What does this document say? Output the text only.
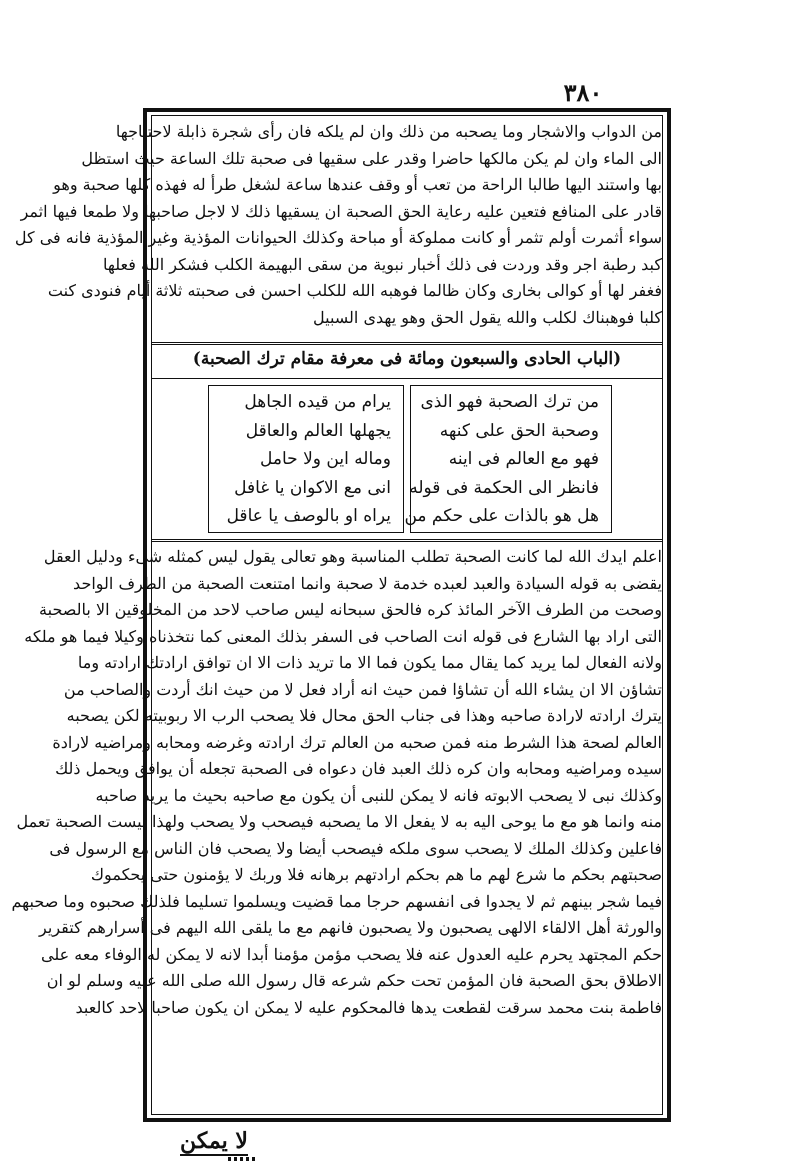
٣٨٠
من الدواب والاشجار وما يصحبه من ذلك وان لم يلكه فان رأى شجرة ذابلة لاحتياجها
الى الماء وان لم يكن مالكها حاضرا وقدر على سقيها فى صحبة تلك الساعة حيث استظل
بها واستند اليها طالبا الراحة من تعب أو وقف عندها ساعة لشغل طرأ له فهذه كلها صحبة وهو
قادر على المنافع فتعين عليه رعاية الحق الصحبة ان يسقيها ذلك لا لاجل صاحبها ولا طمعا فيها اثمر
سواء أثمرت أولم تثمر أو كانت مملوكة أو مباحة وكذلك الحيوانات المؤذية وغير المؤذية فانه فى كل
كبد رطبة اجر وقد وردت فى ذلك أخبار نبوية من سقى البهيمة الكلب فشكر الله فعلها
فغفر لها أو كوالى بخارى وكان ظالما فوهبه الله للكلب احسن فى صحبته ثلاثة أيام فنودى كنت
كلبا فوهبناك لكلب والله يقول الحق وهو يهدى السبيل
(الباب الحادى والسبعون ومائة فى معرفة مقام ترك الصحبة)
من ترك الصحبة فهو الذى
وصحبة الحق على كنهه
فهو مع العالم فى اينه
فانظر الى الحكمة فى قوله
هل هو بالذات على حكم من
يرام من قيده الجاهل
يجهلها العالم والعاقل
وماله اين ولا حامل
انى مع الاكوان يا غافل
يراه او بالوصف يا عاقل
اعلم ايدك الله لما كانت الصحبة تطلب المناسبة وهو تعالى يقول ليس كمثله شىء ودليل العقل
يقضى به قوله السيادة والعبد لعبده خدمة لا صحبة وانما امتنعت الصحبة من الطرف الواحد
وصحت من الطرف الآخر المائذ كره فالحق سبحانه ليس صاحب لاحد من المخلوقين الا بالصحبة
التى اراد بها الشارع فى قوله انت الصاحب فى السفر بذلك المعنى كما نتخذناه وكيلا فيما هو ملكه
ولانه الفعال لما يريد كما يقال مما يكون فما الا ما تريد ذات الا ان توافق ارادتك ارادته وما
تشاؤن الا ان يشاء الله أن تشاؤا فمن حيث انه أراد فعل لا من حيث انك أردت والصاحب من
يترك ارادته لارادة صاحبه وهذا فى جناب الحق محال فلا يصحب الرب الا ربوبيته لكن يصحبه
العالم لصحة هذا الشرط منه فمن صحبه من العالم ترك ارادته وغرضه ومحابه ومراضيه لارادة
سيده ومراضيه ومحابه وان كره ذلك العبد فان دعواه فى الصحبة تجعله أن يوافق ويحمل ذلك
وكذلك نبى لا يصحب الابوته فانه لا يمكن للنبى أن يكون مع صاحبه بحيث ما يريد صاحبه
منه وانما هو مع ما يوحى اليه به لا يفعل الا ما يصحبه فيصحب ولا يصحب ولهذا ليست الصحبة تعمل
فاعلين وكذلك الملك لا يصحب سوى ملكه فيصحب أيضا ولا يصحب فان الناس مع الرسول فى
صحبتهم بحكم ما شرع لهم ما هم بحكم ارادتهم برهانه فلا وربك لا يؤمنون حتى يحكموك
فيما شجر بينهم ثم لا يجدوا فى انفسهم حرجا مما قضيت ويسلموا تسليما فلذلك صحبوه وما صحبهم
والورثة أهل الالقاء الالهى يصحبون ولا يصحبون فانهم مع ما يلقى الله اليهم فى أسرارهم كتقرير
حكم المجتهد يحرم عليه العدول عنه فلا يصحب مؤمن مؤمنا أبدا لانه لا يمكن له الوفاء معه على
الاطلاق بحق الصحبة فان المؤمن تحت حكم شرعه قال رسول الله صلى الله عليه وسلم لو ان
فاطمة بنت محمد سرقت لقطعت يدها فالمحكوم عليه لا يمكن ان يكون صاحبا لاحد كالعبد
لا يمكن
